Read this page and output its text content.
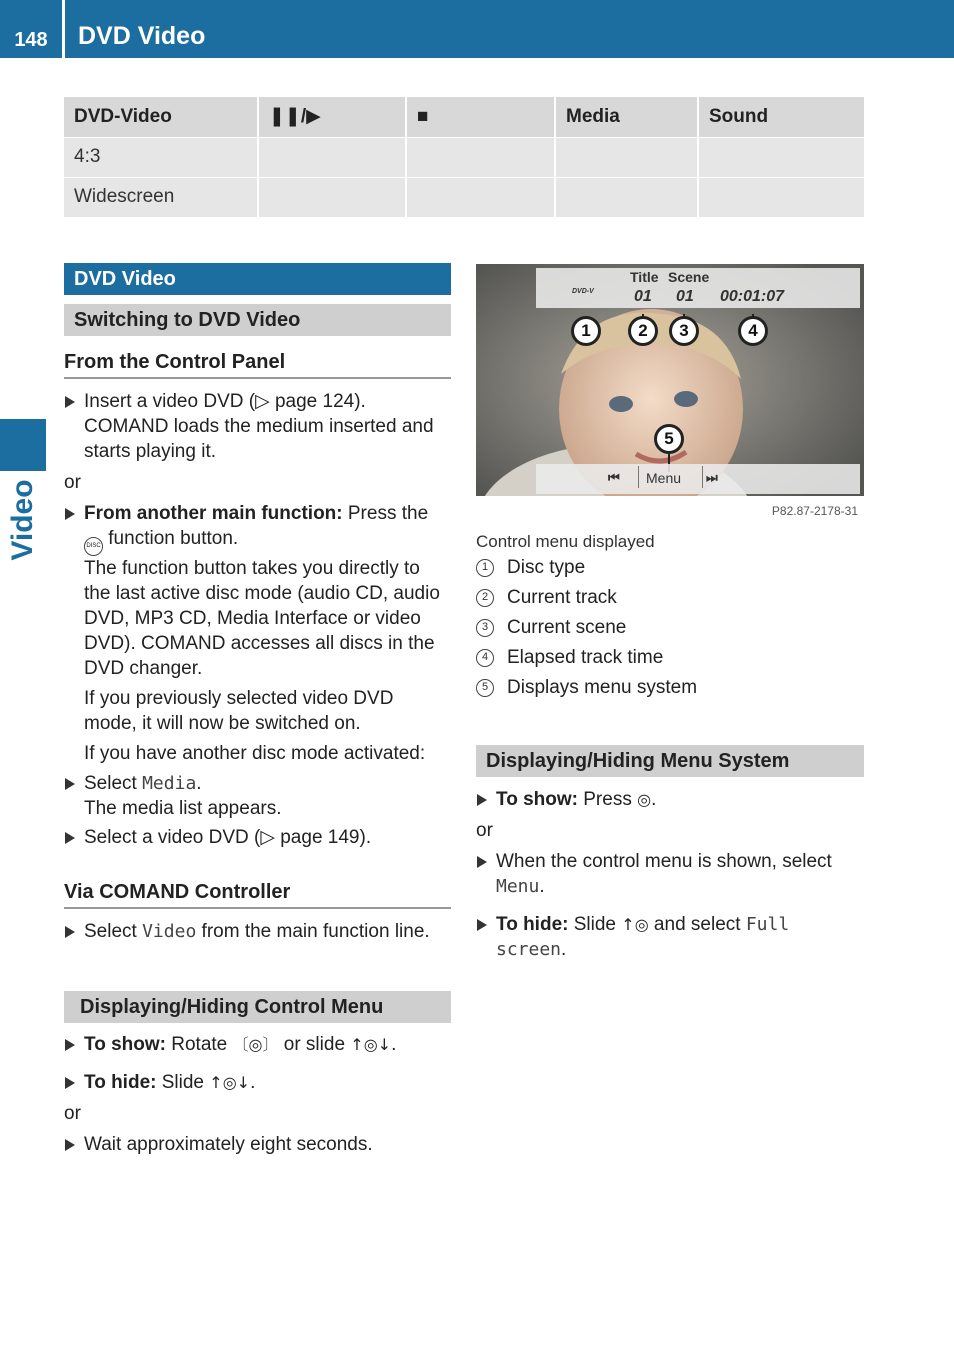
148	DVD Video
Video
DVD-Video	❚❚/▶	■	Media	Sound
4:3				
Widescreen				
DVD Video
Switching to DVD Video
From the Control Panel
Insert a video DVD (▷ page 124).
COMAND loads the medium inserted and starts playing it.
or
From another main function: Press the
DISC function button.
The function button takes you directly to the last active disc mode (audio CD, audio DVD, MP3 CD, Media Interface or video DVD). COMAND accesses all discs in the DVD changer.
If you previously selected video DVD mode, it will now be switched on.
If you have another disc mode activated:
Select Media.
The media list appears.
Select a video DVD (▷ page 149).
Via COMAND Controller
Select Video from the main function line.
Displaying/Hiding Control Menu
To show: Rotate 〔◎〕 or slide ↑◎↓.
To hide: Slide ↑◎↓.
or
Wait approximately eight seconds.
DVD-V
Title Scene
01 01 00:01:07
⏮ Menu ⏭
1	2	3	4
5
P82.87-2178-31
Control menu displayed
1 Disc type
2 Current track
3 Current scene
4 Elapsed track time
5 Displays menu system
Displaying/Hiding Menu System
To show: Press ◎.
or
When the control menu is shown, select Menu.
To hide: Slide ↑◎ and select Full screen.
